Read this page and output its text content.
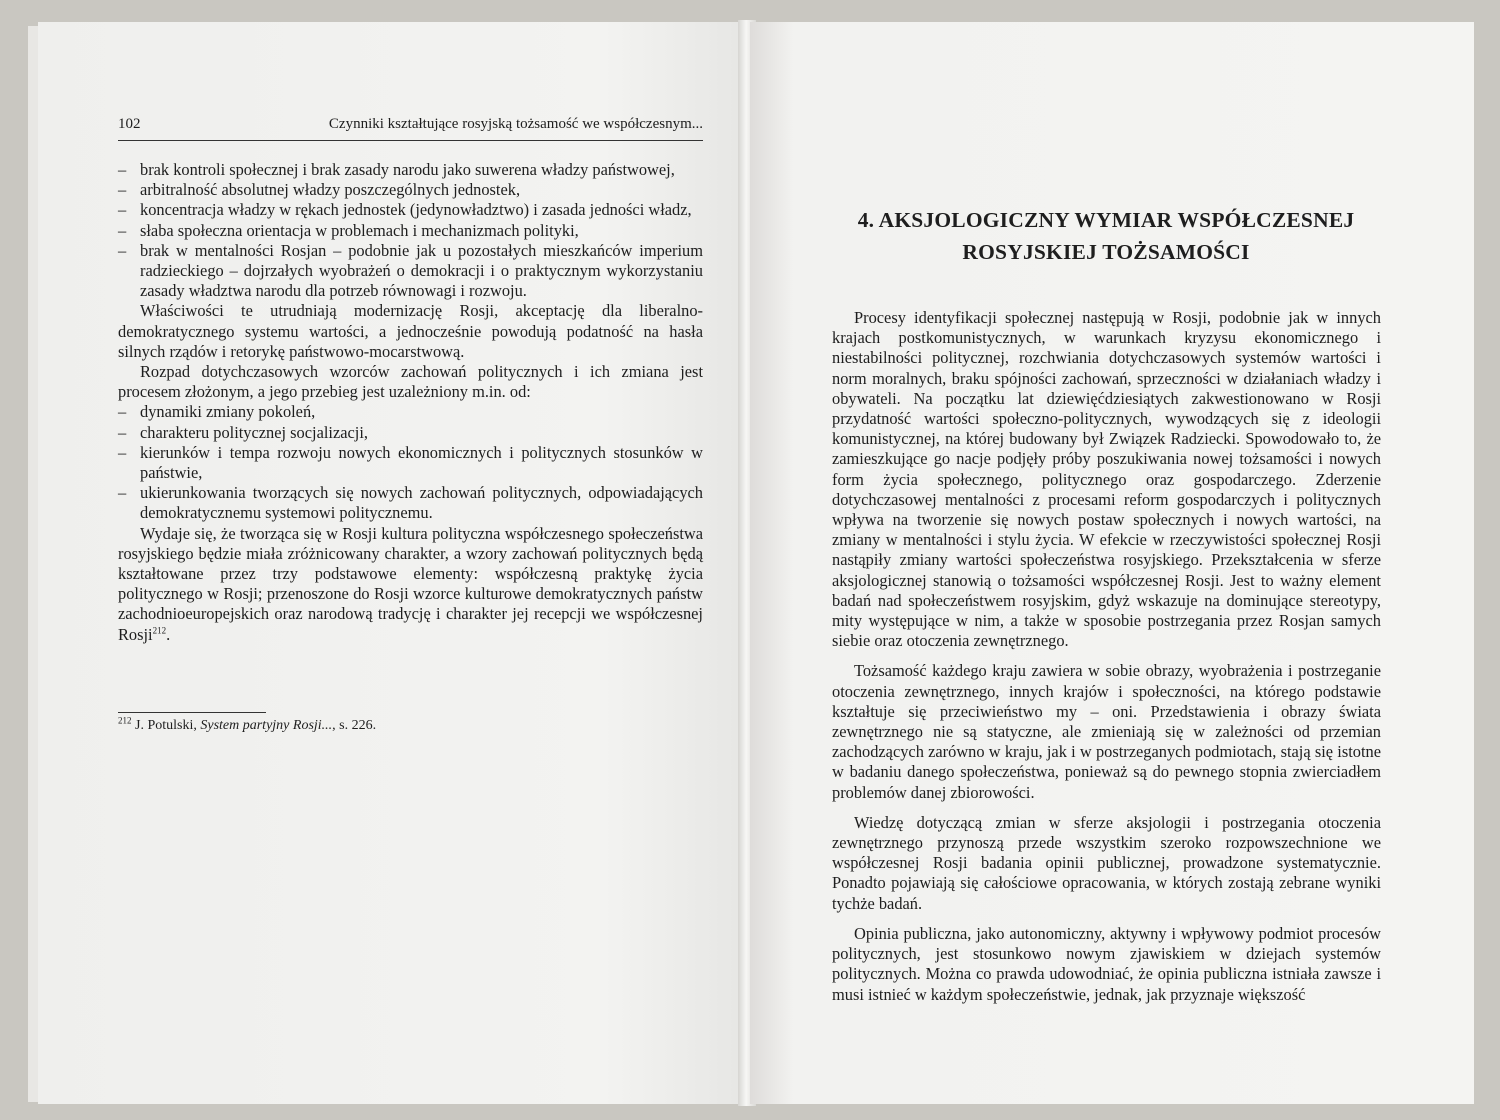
102	Czynniki kształtujące rosyjską tożsamość we współczesnym...
– brak kontroli społecznej i brak zasady narodu jako suwerena władzy państwowej,
– arbitralność absolutnej władzy poszczególnych jednostek,
– koncentracja władzy w rękach jednostek (jedynowładztwo) i zasada jedności władz,
– słaba społeczna orientacja w problemach i mechanizmach polityki,
– brak w mentalności Rosjan – podobnie jak u pozostałych mieszkańców imperium radzieckiego – dojrzałych wyobrażeń o demokracji i o praktycznym wykorzystaniu zasady władztwa narodu dla potrzeb równowagi i rozwoju.
Właściwości te utrudniają modernizację Rosji, akceptację dla liberalno-demokratycznego systemu wartości, a jednocześnie powodują podatność na hasła silnych rządów i retorykę państwowo-mocarstwową.
Rozpad dotychczasowych wzorców zachowań politycznych i ich zmiana jest procesem złożonym, a jego przebieg jest uzależniony m.in. od:
– dynamiki zmiany pokoleń,
– charakteru politycznej socjalizacji,
– kierunków i tempa rozwoju nowych ekonomicznych i politycznych stosunków w państwie,
– ukierunkowania tworzących się nowych zachowań politycznych, odpowiadających demokratycznemu systemowi politycznemu.
Wydaje się, że tworząca się w Rosji kultura polityczna współczesnego społeczeństwa rosyjskiego będzie miała zróżnicowany charakter, a wzory zachowań politycznych będą kształtowane przez trzy podstawowe elementy: współczesną praktykę życia politycznego w Rosji; przenoszone do Rosji wzorce kulturowe demokratycznych państw zachodnioeuropejskich oraz narodową tradycję i charakter jej recepcji we współczesnej Rosji$^{212}$.
$^{212}$ J. Potulski, System partyjny Rosji..., s. 226.
4. AKSJOLOGICZNY WYMIAR WSPÓŁCZESNEJ
ROSYJSKIEJ TOŻSAMOŚCI
Procesy identyfikacji społecznej następują w Rosji, podobnie jak w innych krajach postkomunistycznych, w warunkach kryzysu ekonomicznego i niestabilności politycznej, rozchwiania dotychczasowych systemów wartości i norm moralnych, braku spójności zachowań, sprzeczności w działaniach władzy i obywateli. Na początku lat dziewięćdziesiątych zakwestionowano w Rosji przydatność wartości społeczno-politycznych, wywodzących się z ideologii komunistycznej, na której budowany był Związek Radziecki. Spowodowało to, że zamieszkujące go nacje podjęły próby poszukiwania nowej tożsamości i nowych form życia społecznego, politycznego oraz gospodarczego. Zderzenie dotychczasowej mentalności z procesami reform gospodarczych i politycznych wpływa na tworzenie się nowych postaw społecznych i nowych wartości, na zmiany w mentalności i stylu życia. W efekcie w rzeczywistości społecznej Rosji nastąpiły zmiany wartości społeczeństwa rosyjskiego. Przekształcenia w sferze aksjologicznej stanowią o tożsamości współczesnej Rosji. Jest to ważny element badań nad społeczeństwem rosyjskim, gdyż wskazuje na dominujące stereotypy, mity występujące w nim, a także w sposobie postrzegania przez Rosjan samych siebie oraz otoczenia zewnętrznego.
Tożsamość każdego kraju zawiera w sobie obrazy, wyobrażenia i postrzeganie otoczenia zewnętrznego, innych krajów i społeczności, na którego podstawie kształtuje się przeciwieństwo my – oni. Przedstawienia i obrazy świata zewnętrznego nie są statyczne, ale zmieniają się w zależności od przemian zachodzących zarówno w kraju, jak i w postrzeganych podmiotach, stają się istotne w badaniu danego społeczeństwa, ponieważ są do pewnego stopnia zwierciadłem problemów danej zbiorowości.
Wiedzę dotyczącą zmian w sferze aksjologii i postrzegania otoczenia zewnętrznego przynoszą przede wszystkim szeroko rozpowszechnione we współczesnej Rosji badania opinii publicznej, prowadzone systematycznie. Ponadto pojawiają się całościowe opracowania, w których zostają zebrane wyniki tychże badań.
Opinia publiczna, jako autonomiczny, aktywny i wpływowy podmiot procesów politycznych, jest stosunkowo nowym zjawiskiem w dziejach systemów politycznych. Można co prawda udowodniać, że opinia publiczna istniała zawsze i musi istnieć w każdym społeczeństwie, jednak, jak przyznaje większość
